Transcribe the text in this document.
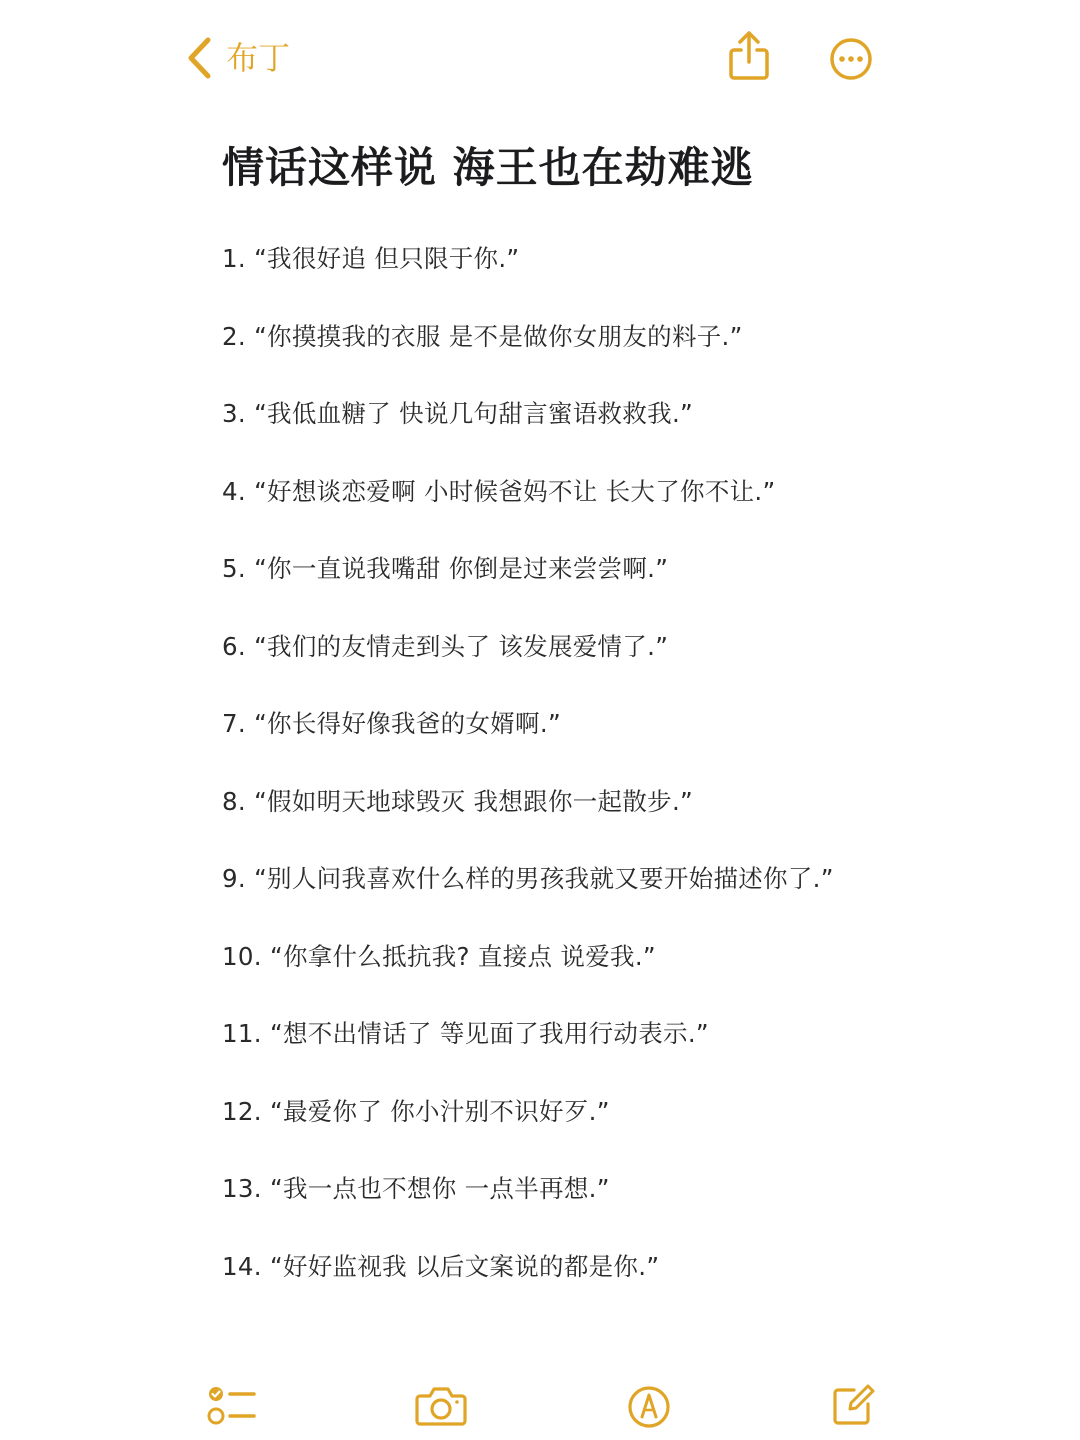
布丁
情话这样说 海王也在劫难逃
1. “我很好追 但只限于你.”
2. “你摸摸我的衣服 是不是做你女朋友的料子.”
3. “我低血糖了 快说几句甜言蜜语救救我.”
4. “好想谈恋爱啊 小时候爸妈不让 长大了你不让.”
5. “你一直说我嘴甜 你倒是过来尝尝啊.”
6. “我们的友情走到头了 该发展爱情了.”
7. “你长得好像我爸的女婿啊.”
8. “假如明天地球毁灭 我想跟你一起散步.”
9. “别人问我喜欢什么样的男孩我就又要开始描述你了.”
10. “你拿什么抵抗我? 直接点 说爱我.”
11. “想不出情话了 等见面了我用行动表示.”
12. “最爱你了 你小汁别不识好歹.”
13. “我一点也不想你 一点半再想.”
14. “好好监视我 以后文案说的都是你.”
